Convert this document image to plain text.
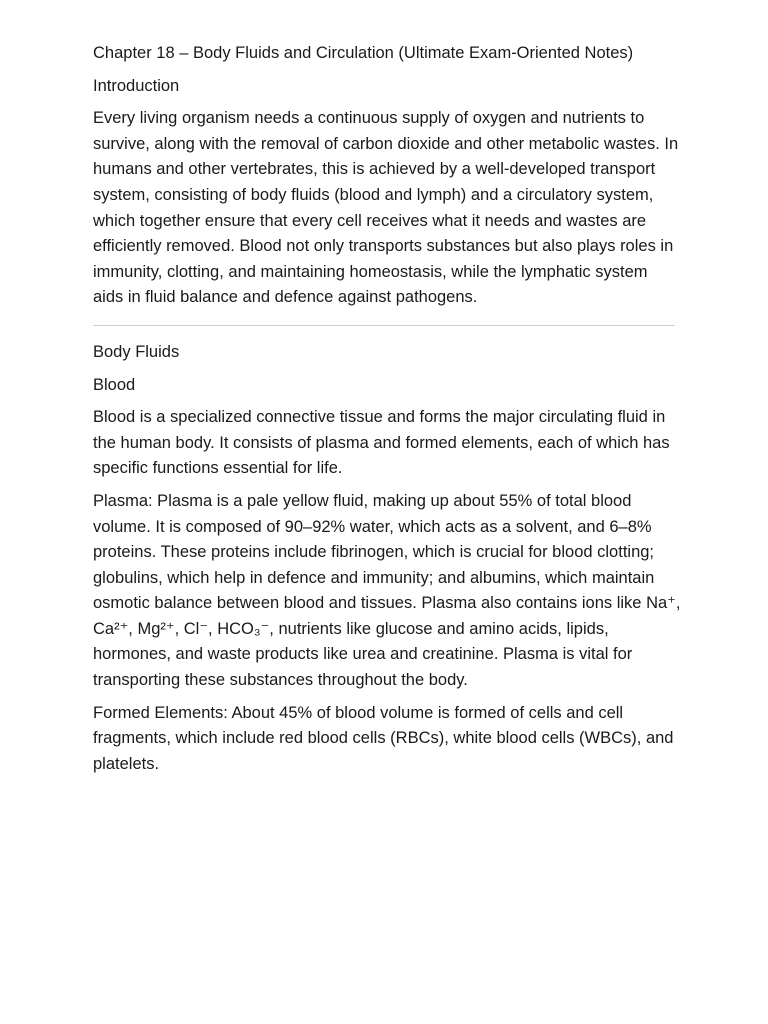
Chapter 18 – Body Fluids and Circulation (Ultimate Exam-Oriented Notes)

Introduction

Every living organism needs a continuous supply of oxygen and nutrients to survive, along with the removal of carbon dioxide and other metabolic wastes. In humans and other vertebrates, this is achieved by a well-developed transport system, consisting of body fluids (blood and lymph) and a circulatory system, which together ensure that every cell receives what it needs and wastes are efficiently removed. Blood not only transports substances but also plays roles in immunity, clotting, and maintaining homeostasis, while the lymphatic system aids in fluid balance and defence against pathogens.

Body Fluids

Blood

Blood is a specialized connective tissue and forms the major circulating fluid in the human body. It consists of plasma and formed elements, each of which has specific functions essential for life.

Plasma: Plasma is a pale yellow fluid, making up about 55% of total blood volume. It is composed of 90–92% water, which acts as a solvent, and 6–8% proteins. These proteins include fibrinogen, which is crucial for blood clotting; globulins, which help in defence and immunity; and albumins, which maintain osmotic balance between blood and tissues. Plasma also contains ions like Na⁺, Ca²⁺, Mg²⁺, Cl⁻, HCO₃⁻, nutrients like glucose and amino acids, lipids, hormones, and waste products like urea and creatinine. Plasma is vital for transporting these substances throughout the body.

Formed Elements: About 45% of blood volume is formed of cells and cell fragments, which include red blood cells (RBCs), white blood cells (WBCs), and platelets.
